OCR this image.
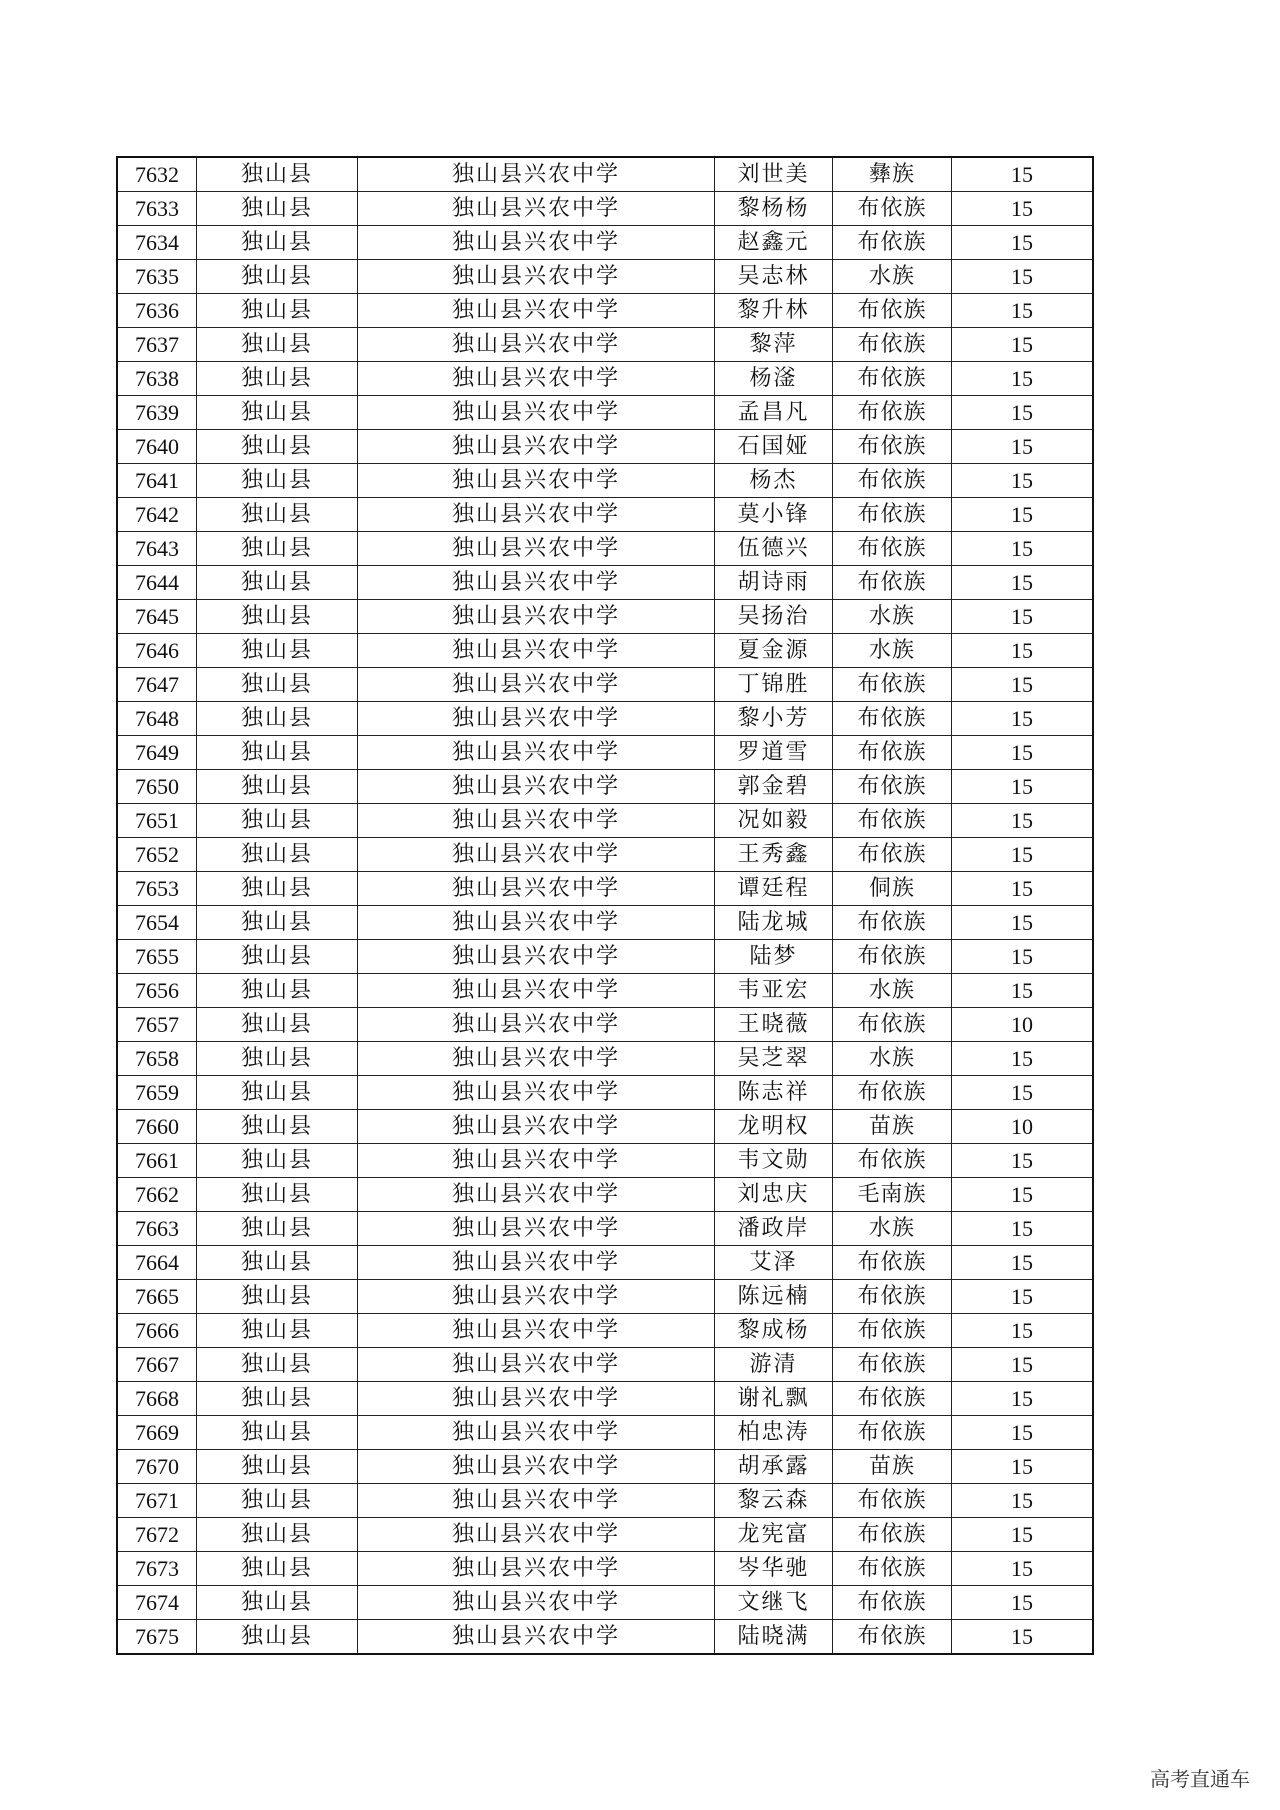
7632	独山县	独山县兴农中学	刘世美	彝族	15
7633	独山县	独山县兴农中学	黎杨杨	布依族	15
7634	独山县	独山县兴农中学	赵鑫元	布依族	15
7635	独山县	独山县兴农中学	吴志林	水族	15
7636	独山县	独山县兴农中学	黎升林	布依族	15
7637	独山县	独山县兴农中学	黎萍	布依族	15
7638	独山县	独山县兴农中学	杨滏	布依族	15
7639	独山县	独山县兴农中学	孟昌凡	布依族	15
7640	独山县	独山县兴农中学	石国娅	布依族	15
7641	独山县	独山县兴农中学	杨杰	布依族	15
7642	独山县	独山县兴农中学	莫小锋	布依族	15
7643	独山县	独山县兴农中学	伍德兴	布依族	15
7644	独山县	独山县兴农中学	胡诗雨	布依族	15
7645	独山县	独山县兴农中学	吴扬治	水族	15
7646	独山县	独山县兴农中学	夏金源	水族	15
7647	独山县	独山县兴农中学	丁锦胜	布依族	15
7648	独山县	独山县兴农中学	黎小芳	布依族	15
7649	独山县	独山县兴农中学	罗道雪	布依族	15
7650	独山县	独山县兴农中学	郭金碧	布依族	15
7651	独山县	独山县兴农中学	况如毅	布依族	15
7652	独山县	独山县兴农中学	王秀鑫	布依族	15
7653	独山县	独山县兴农中学	谭廷程	侗族	15
7654	独山县	独山县兴农中学	陆龙城	布依族	15
7655	独山县	独山县兴农中学	陆梦	布依族	15
7656	独山县	独山县兴农中学	韦亚宏	水族	15
7657	独山县	独山县兴农中学	王晓薇	布依族	10
7658	独山县	独山县兴农中学	吴芝翠	水族	15
7659	独山县	独山县兴农中学	陈志祥	布依族	15
7660	独山县	独山县兴农中学	龙明权	苗族	10
7661	独山县	独山县兴农中学	韦文勋	布依族	15
7662	独山县	独山县兴农中学	刘忠庆	毛南族	15
7663	独山县	独山县兴农中学	潘政岸	水族	15
7664	独山县	独山县兴农中学	艾泽	布依族	15
7665	独山县	独山县兴农中学	陈远楠	布依族	15
7666	独山县	独山县兴农中学	黎成杨	布依族	15
7667	独山县	独山县兴农中学	游清	布依族	15
7668	独山县	独山县兴农中学	谢礼飘	布依族	15
7669	独山县	独山县兴农中学	柏忠涛	布依族	15
7670	独山县	独山县兴农中学	胡承露	苗族	15
7671	独山县	独山县兴农中学	黎云森	布依族	15
7672	独山县	独山县兴农中学	龙宪富	布依族	15
7673	独山县	独山县兴农中学	岑华驰	布依族	15
7674	独山县	独山县兴农中学	文继飞	布依族	15
7675	独山县	独山县兴农中学	陆晓满	布依族	15
高考直通车
